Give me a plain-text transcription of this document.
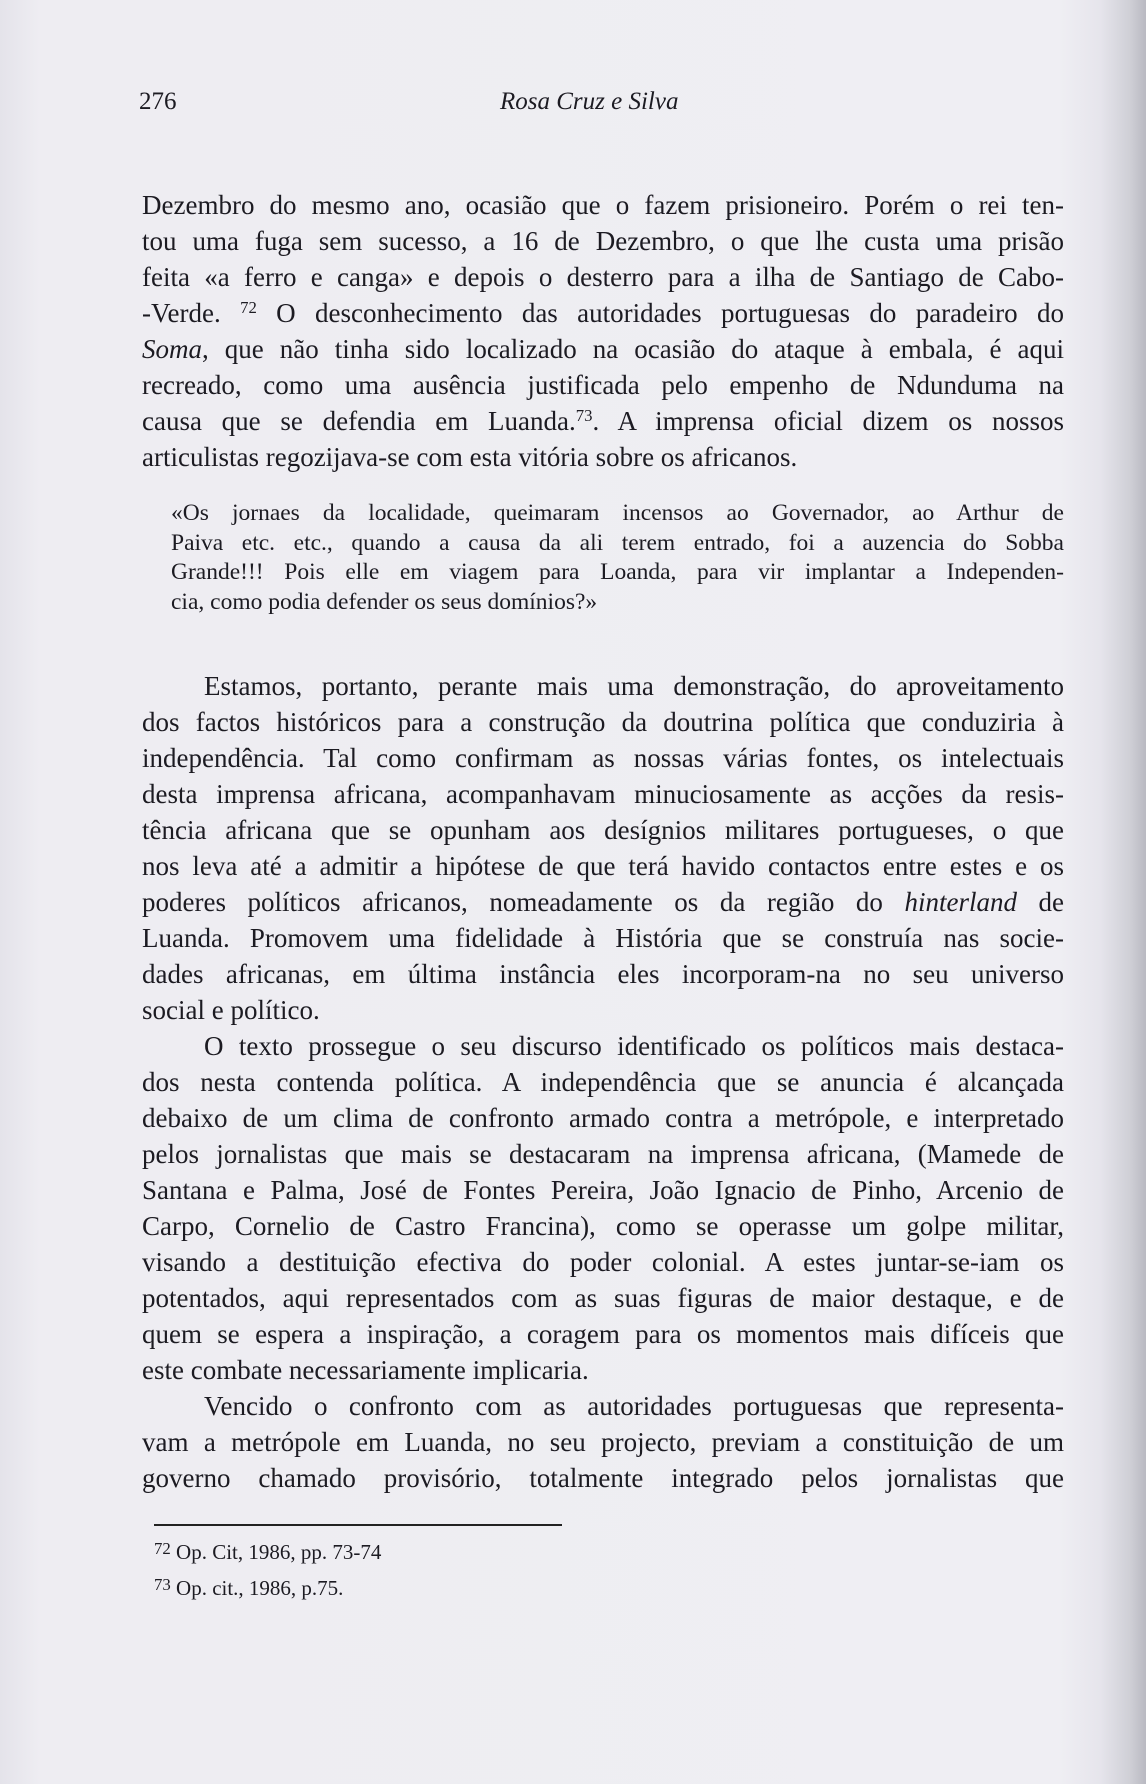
276	Rosa Cruz e Silva
Dezembro do mesmo ano, ocasião que o fazem prisioneiro. Porém o rei ten-
tou uma fuga sem sucesso, a 16 de Dezembro, o que lhe custa uma prisão
feita «a ferro e canga» e depois o desterro para a ilha de Santiago de Cabo-
-Verde. $^{72}$ O desconhecimento das autoridades portuguesas do paradeiro do
Soma, que não tinha sido localizado na ocasião do ataque à embala, é aqui
recreado, como uma ausência justificada pelo empenho de Ndunduma na
causa que se defendia em Luanda.$^{73}$. A imprensa oficial dizem os nossos
articulistas regozijava-se com esta vitória sobre os africanos.
«Os jornaes da localidade, queimaram incensos ao Governador, ao Arthur de
Paiva etc. etc., quando a causa da ali terem entrado, foi a auzencia do Sobba
Grande!!! Pois elle em viagem para Loanda, para vir implantar a Independen-
cia, como podia defender os seus domínios?»
Estamos, portanto, perante mais uma demonstração, do aproveitamento
dos factos históricos para a construção da doutrina política que conduziria à
independência. Tal como confirmam as nossas várias fontes, os intelectuais
desta imprensa africana, acompanhavam minuciosamente as acções da resis-
tência africana que se opunham aos desígnios militares portugueses, o que
nos leva até a admitir a hipótese de que terá havido contactos entre estes e os
poderes políticos africanos, nomeadamente os da região do hinterland de
Luanda. Promovem uma fidelidade à História que se construía nas socie-
dades africanas, em última instância eles incorporam-na no seu universo
social e político.
O texto prossegue o seu discurso identificado os políticos mais destaca-
dos nesta contenda política. A independência que se anuncia é alcançada
debaixo de um clima de confronto armado contra a metrópole, e interpretado
pelos jornalistas que mais se destacaram na imprensa africana, (Mamede de
Santana e Palma, José de Fontes Pereira, João Ignacio de Pinho, Arcenio de
Carpo, Cornelio de Castro Francina), como se operasse um golpe militar,
visando a destituição efectiva do poder colonial. A estes juntar-se-iam os
potentados, aqui representados com as suas figuras de maior destaque, e de
quem se espera a inspiração, a coragem para os momentos mais difíceis que
este combate necessariamente implicaria.
Vencido o confronto com as autoridades portuguesas que representa-
vam a metrópole em Luanda, no seu projecto, previam a constituição de um
governo chamado provisório, totalmente integrado pelos jornalistas que
$^{72}$ Op. Cit, 1986, pp. 73-74
$^{73}$ Op. cit., 1986, p.75.
